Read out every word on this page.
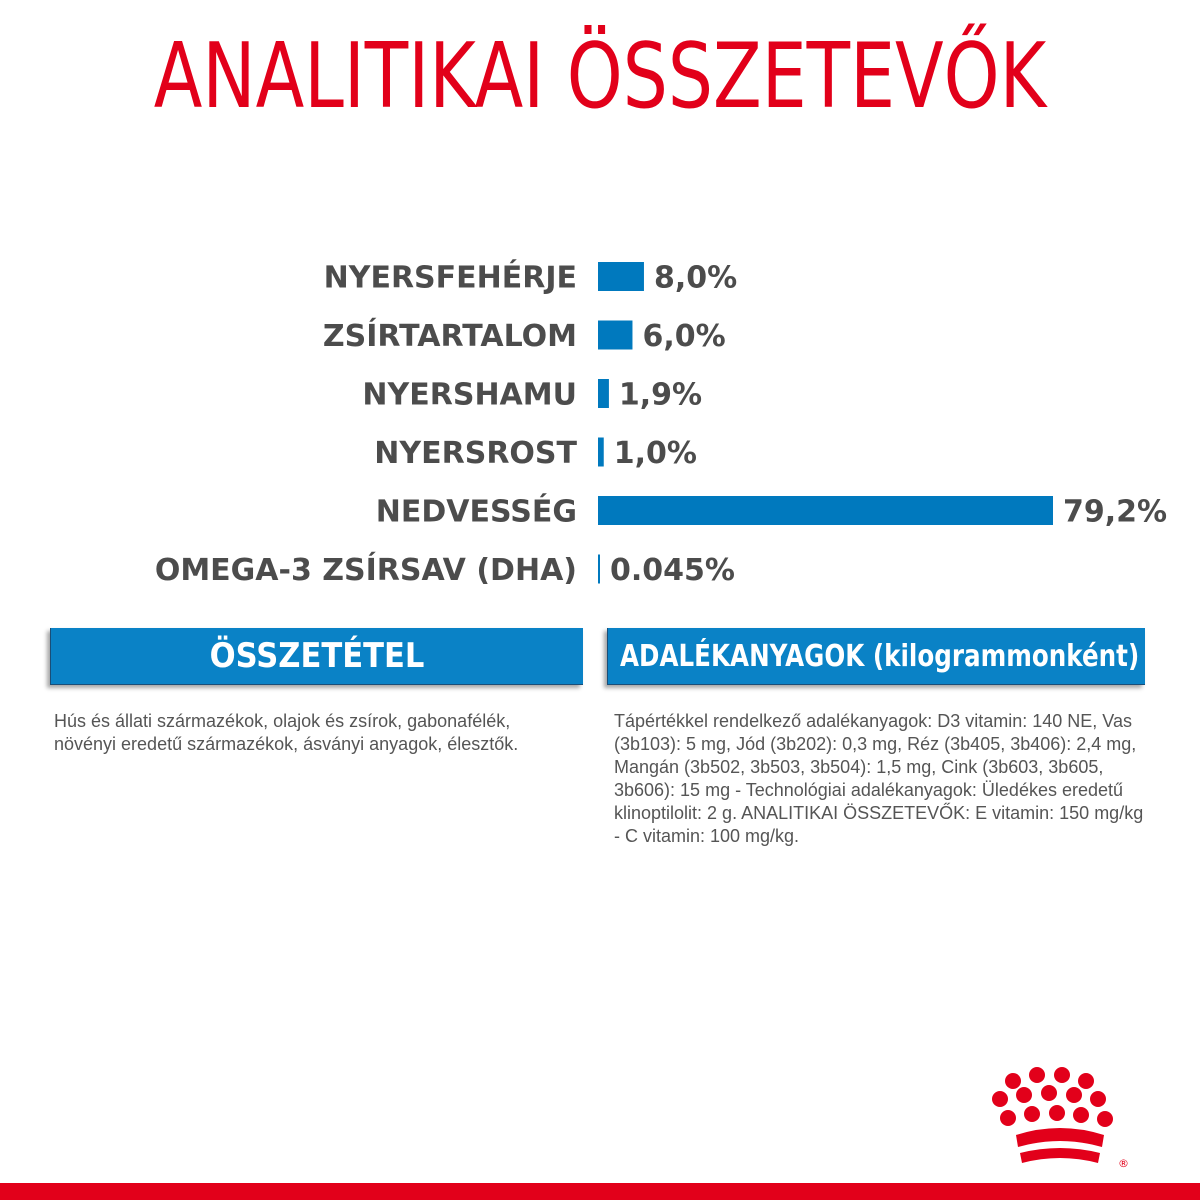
ANALITIKAI ÖSSZETEVŐK
NYERSFEHÉRJE	8,0%
ZSÍRTARTALOM 6,0%
NYERSHAMU 1,9%
NYERSROST 1,0%
NEDVESSÉG	79,2%
OMEGA-3 ZSÍRSAV (DHA) 0.045%
ÖSSZETÉTEL	ADALÉKANYAGOK (kilogrammonként)
Hús és állati származékok, olajok és zsírok, gabonafélék, növényi eredetű származékok, ásványi anyagok, élesztők.
Tápértékkel rendelkező adalékanyagok: D3 vitamin: 140 NE, Vas (3b103): 5 mg, Jód (3b202): 0,3 mg, Réz (3b405, 3b406): 2,4 mg, Mangán (3b502, 3b503, 3b504): 1,5 mg, Cink (3b603, 3b605, 3b606): 15 mg - Technológiai adalékanyagok: Üledékes eredetű klinoptilolit: 2 g. ANALITIKAI ÖSSZETEVŐK: E vitamin: 150 mg/kg - C vitamin: 100 mg/kg.
®
